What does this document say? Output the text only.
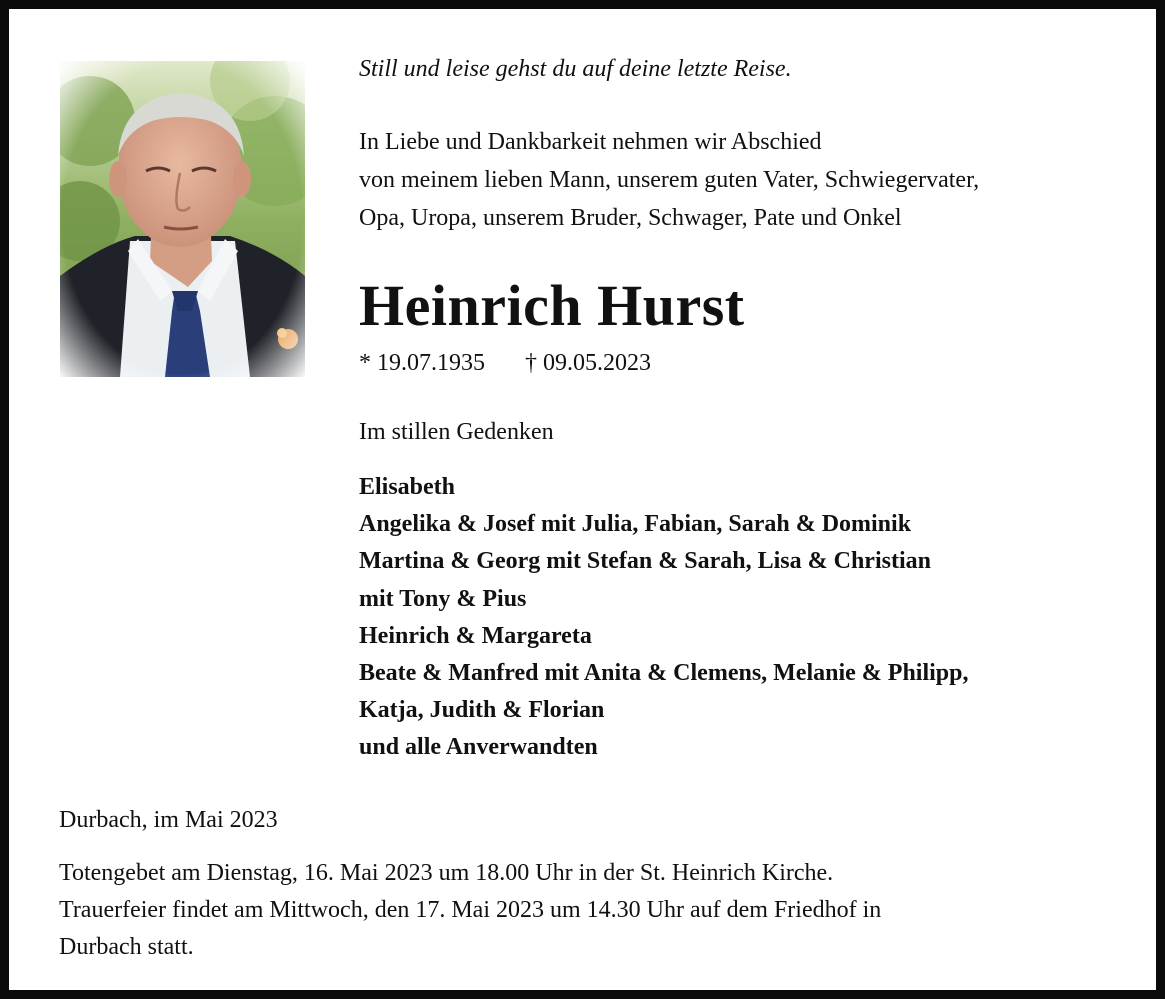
Still und leise gehst du auf deine letzte Reise.
In Liebe und Dankbarkeit nehmen wir Abschied
von meinem lieben Mann, unserem guten Vater, Schwiegervater,
Opa, Uropa, unserem Bruder, Schwager, Pate und Onkel
Heinrich Hurst
* 19.07.1935 † 09.05.2023
Im stillen Gedenken
Elisabeth
Angelika & Josef mit Julia, Fabian, Sarah & Dominik
Martina & Georg mit Stefan & Sarah, Lisa & Christian
mit Tony & Pius
Heinrich & Margareta
Beate & Manfred mit Anita & Clemens, Melanie & Philipp,
Katja, Judith & Florian
und alle Anverwandten
Durbach, im Mai 2023
Totengebet am Dienstag, 16. Mai 2023 um 18.00 Uhr in der St. Heinrich Kirche.
Trauerfeier findet am Mittwoch, den 17. Mai 2023 um 14.30 Uhr auf dem Friedhof in
Durbach statt.
